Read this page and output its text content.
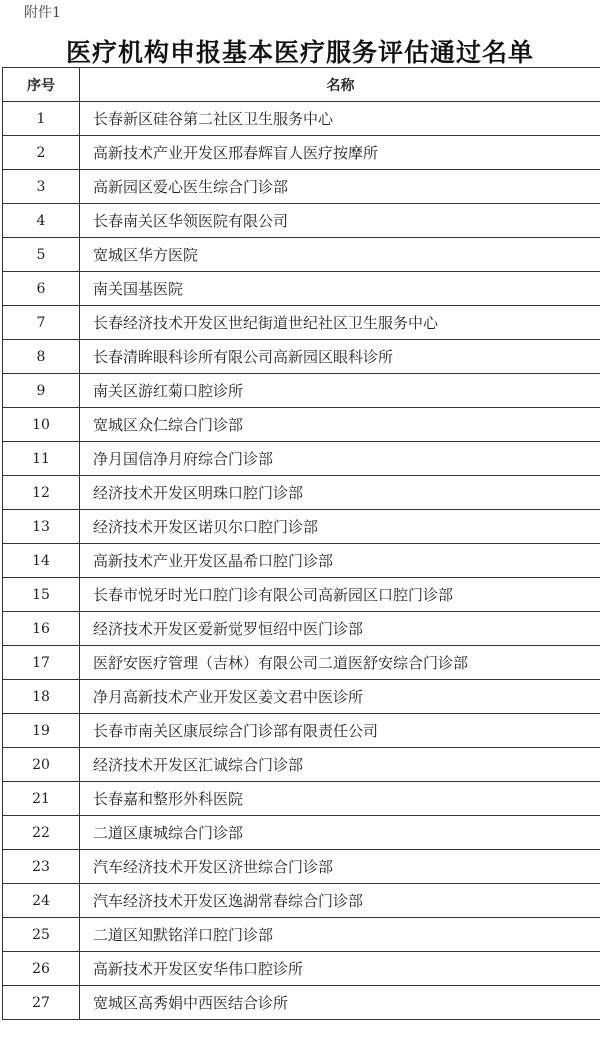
附件1
医疗机构申报基本医疗服务评估通过名单
序号	名称
1	长春新区硅谷第二社区卫生服务中心
2	高新技术产业开发区邢春辉盲人医疗按摩所
3	高新园区爱心医生综合门诊部
4	长春南关区华领医院有限公司
5	宽城区华方医院
6	南关国基医院
7	长春经济技术开发区世纪街道世纪社区卫生服务中心
8	长春清眸眼科诊所有限公司高新园区眼科诊所
9	南关区游红菊口腔诊所
10	宽城区众仁综合门诊部
11	净月国信净月府综合门诊部
12	经济技术开发区明珠口腔门诊部
13	经济技术开发区诺贝尔口腔门诊部
14	高新技术产业开发区晶希口腔门诊部
15	长春市悦牙时光口腔门诊有限公司高新园区口腔门诊部
16	经济技术开发区爱新觉罗恒绍中医门诊部
17	医舒安医疗管理（吉林）有限公司二道医舒安综合门诊部
18	净月高新技术产业开发区姜文君中医诊所
19	长春市南关区康辰综合门诊部有限责任公司
20	经济技术开发区汇诚综合门诊部
21	长春嘉和整形外科医院
22	二道区康城综合门诊部
23	汽车经济技术开发区济世综合门诊部
24	汽车经济技术开发区逸湖常春综合门诊部
25	二道区知默铭洋口腔门诊部
26	高新技术开发区安华伟口腔诊所
27	宽城区高秀娟中西医结合诊所
